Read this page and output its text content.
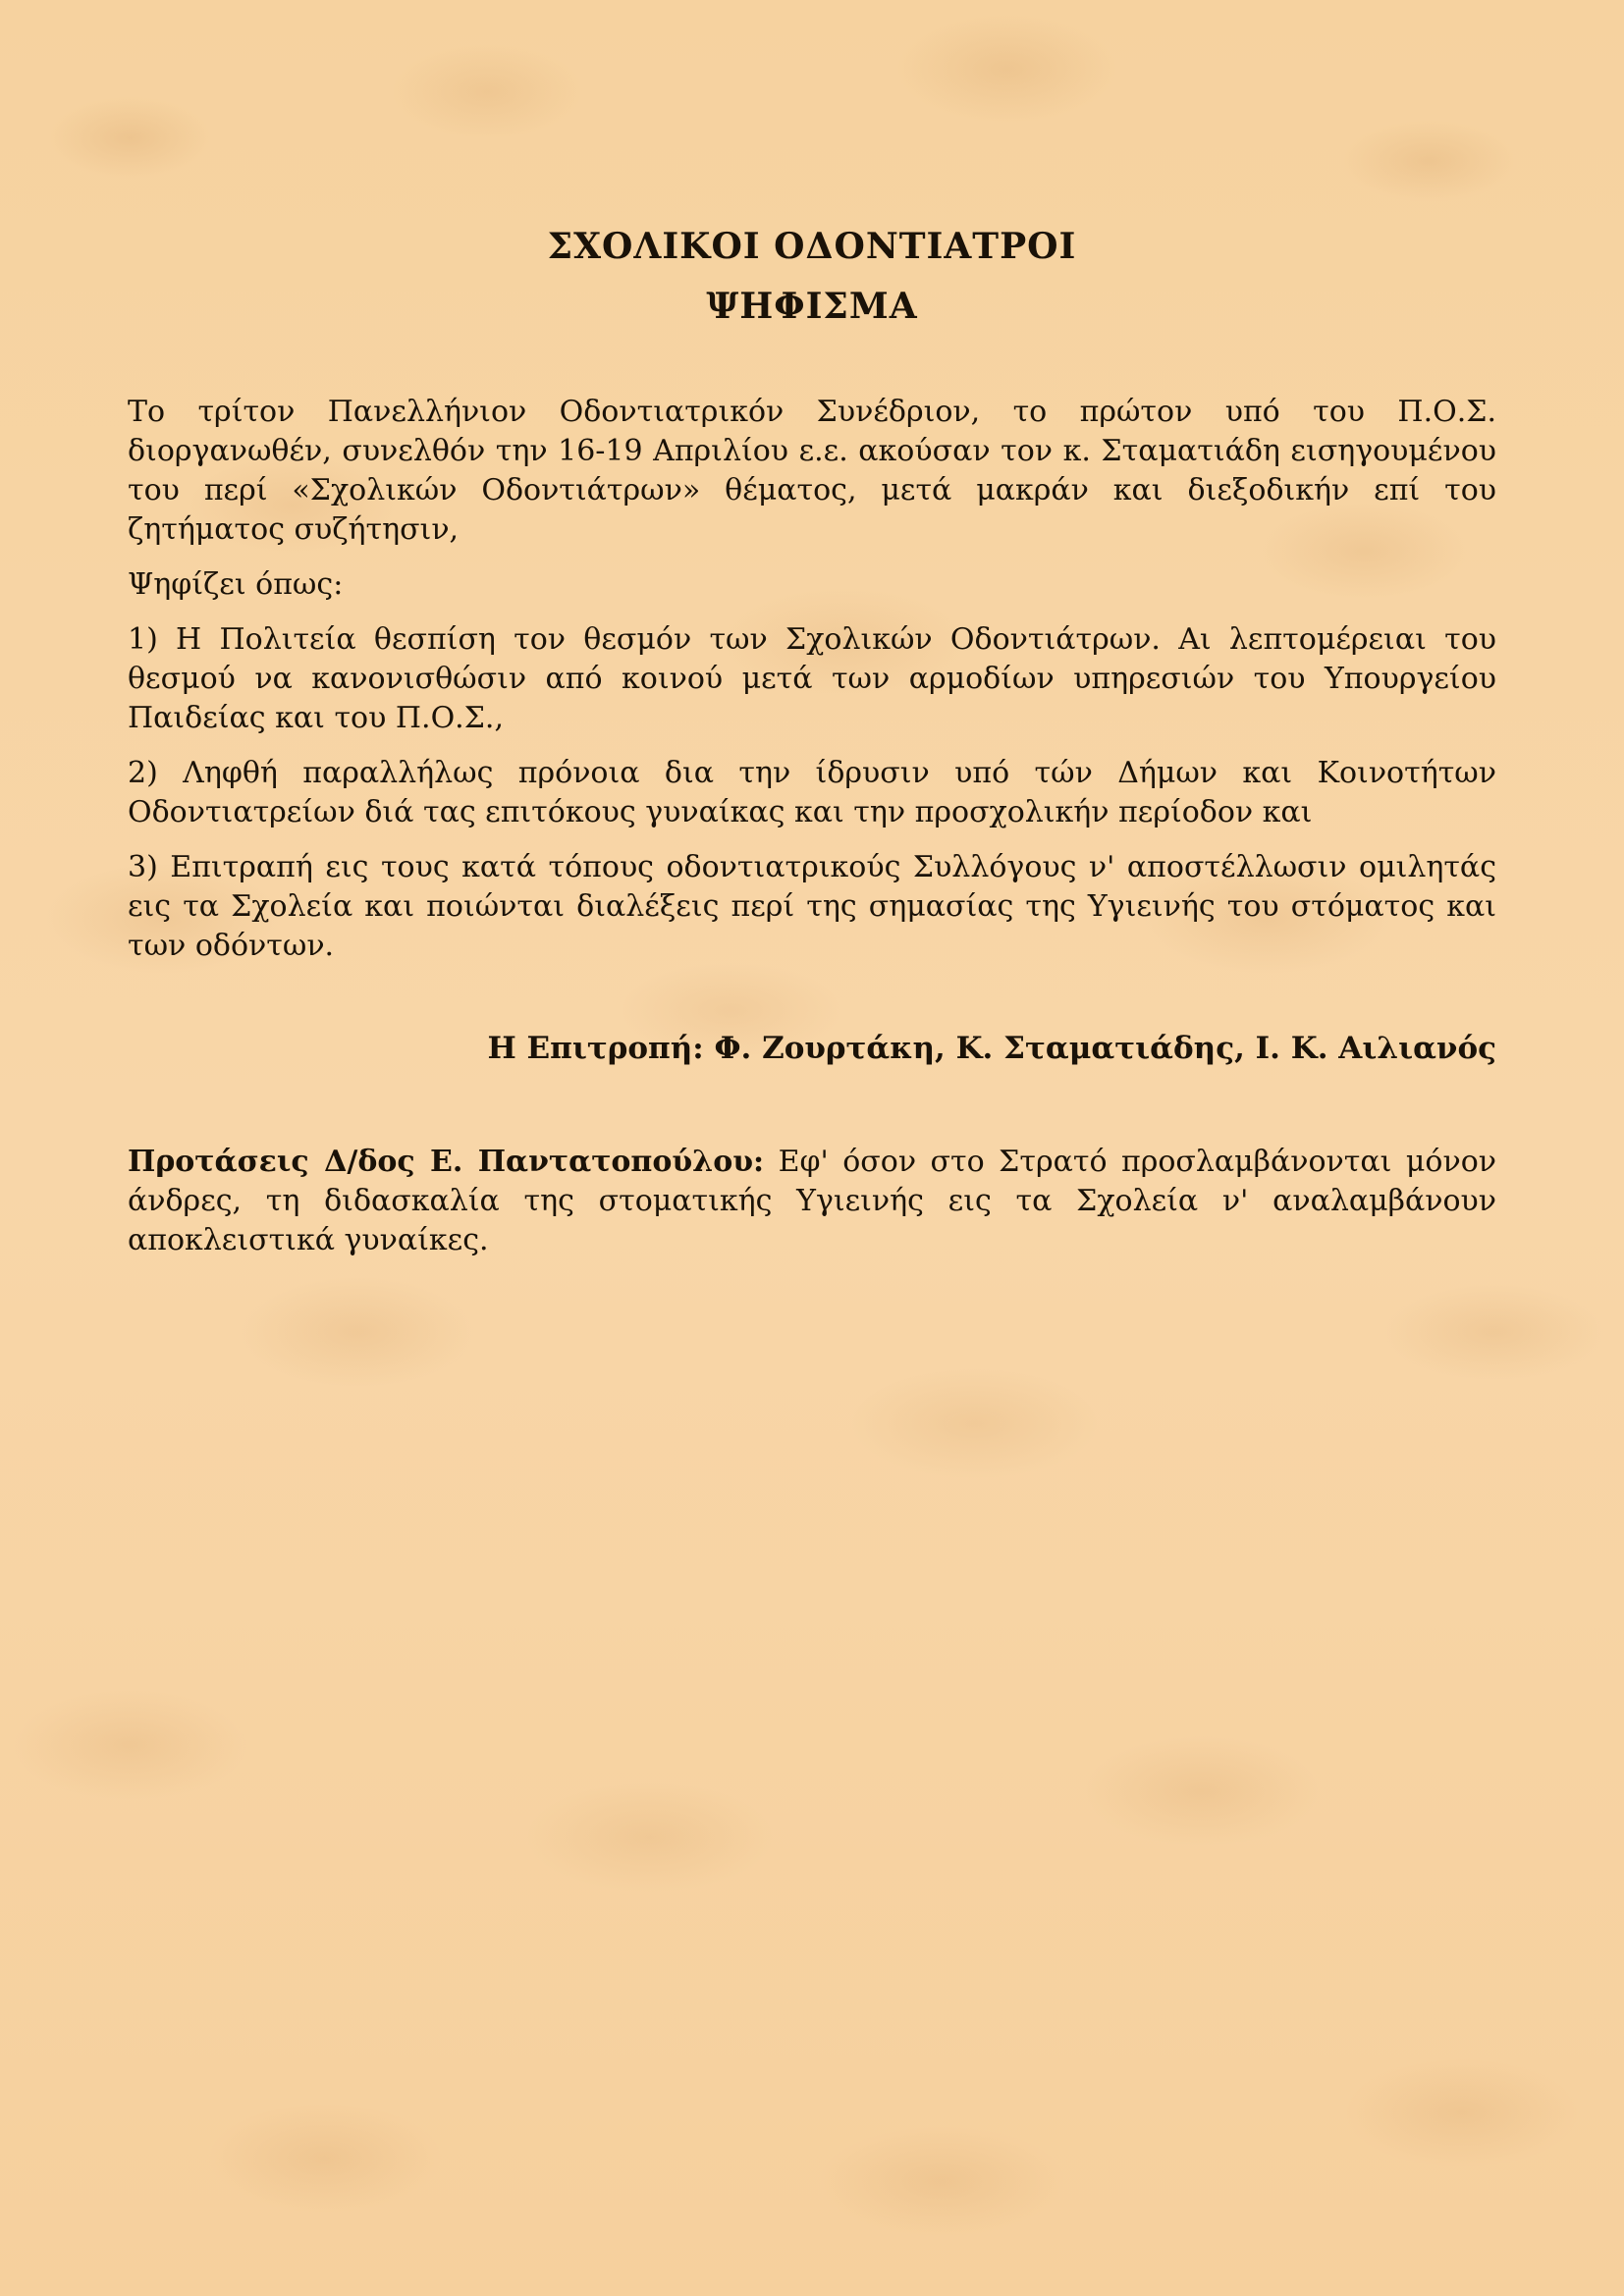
ΣΧΟΛΙΚΟΙ ΟΔΟΝΤΙΑΤΡΟΙ
ΨΗΦΙΣΜΑ

Το τρίτον Πανελλήνιον Οδοντιατρικόν Συνέδριον, το πρώτον υπό του Π.Ο.Σ. διοργανωθέν, συνελθόν την 16-19 Απριλίου ε.ε. ακούσαν τον κ. Σταματιάδη εισηγουμένου του περί «Σχολικών Οδοντιάτρων» θέματος, μετά μακράν και διεξοδικήν επί του ζητήματος συζήτησιν,

Ψηφίζει όπως:

1) Η Πολιτεία θεσπίση τον θεσμόν των Σχολικών Οδοντιάτρων. Αι λεπτομέρειαι του θεσμού να κανονισθώσιν από κοινού μετά των αρμοδίων υπηρεσιών του Υπουργείου Παιδείας και του Π.Ο.Σ.,

2) Ληφθή παραλλήλως πρόνοια δια την ίδρυσιν υπό τών Δήμων και Κοινοτήτων Οδοντιατρείων διά τας επιτόκους γυναίκας και την προσχολικήν περίοδον και

3) Επιτραπή εις τους κατά τόπους οδοντιατρικούς Συλλόγους ν' αποστέλλωσιν ομιλητάς εις τα Σχολεία και ποιώνται διαλέξεις περί της σημασίας της Υγιεινής του στόματος και των οδόντων.

Η Επιτροπή: Φ. Ζουρτάκη, Κ. Σταματιάδης, Ι. Κ. Αιλιανός

Προτάσεις Δ/δος Ε. Παντατοπούλου: Εφ' όσον στο Στρατό προσλαμβάνονται μόνον άνδρες, τη διδασκαλία της στοματικής Υγιεινής εις τα Σχολεία ν' αναλαμβάνουν αποκλειστικά γυναίκες.
